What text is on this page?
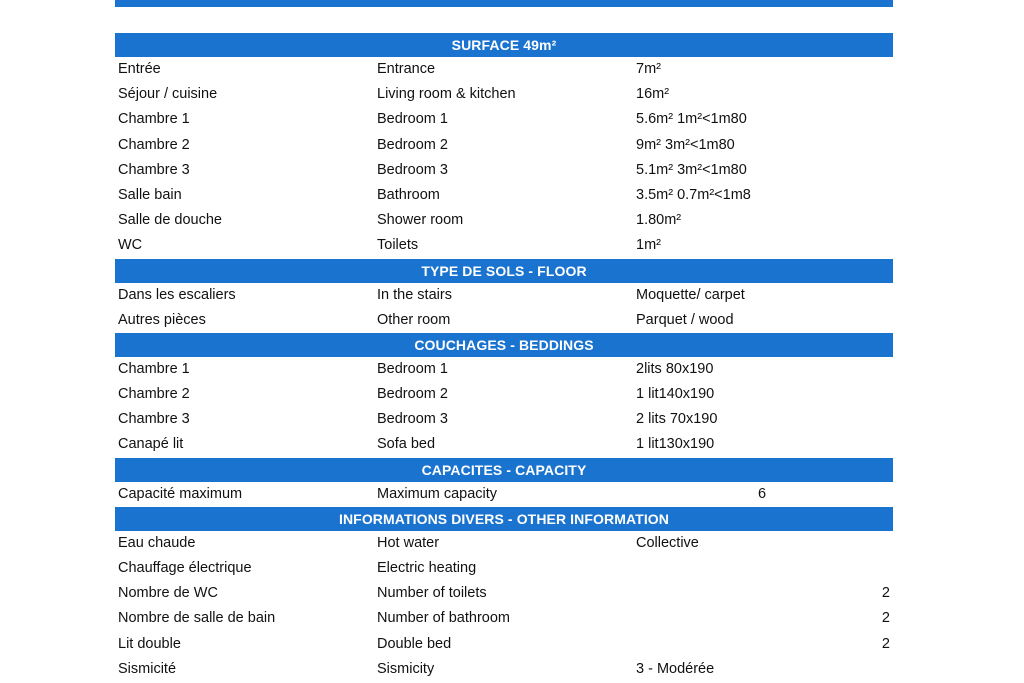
SURFACE 49m²
Entrée	Entrance	7m²
Séjour / cuisine	Living room & kitchen	16m²
Chambre 1	Bedroom 1	5.6m² 1m²<1m80
Chambre 2	Bedroom 2	9m² 3m²<1m80
Chambre 3	Bedroom 3	5.1m² 3m²<1m80
Salle bain	Bathroom	3.5m² 0.7m²<1m8
Salle de douche	Shower room	1.80m²
WC	Toilets	1m²
TYPE DE SOLS - FLOOR
Dans les escaliers	In the stairs	Moquette/ carpet
Autres pièces	Other room	Parquet / wood
COUCHAGES - BEDDINGS
Chambre 1	Bedroom 1	2lits 80x190
Chambre 2	Bedroom 2	1 lit140x190
Chambre 3	Bedroom 3	2 lits 70x190
Canapé lit	Sofa bed	1 lit130x190
CAPACITES - CAPACITY
Capacité maximum	Maximum capacity	6
INFORMATIONS DIVERS - OTHER INFORMATION
Eau chaude	Hot water	Collective
Chauffage électrique	Electric heating
Nombre de WC	Number of toilets	2
Nombre de salle de bain	Number of bathroom	2
Lit double	Double bed	2
Sismicité	Sismicity	3 - Modérée
